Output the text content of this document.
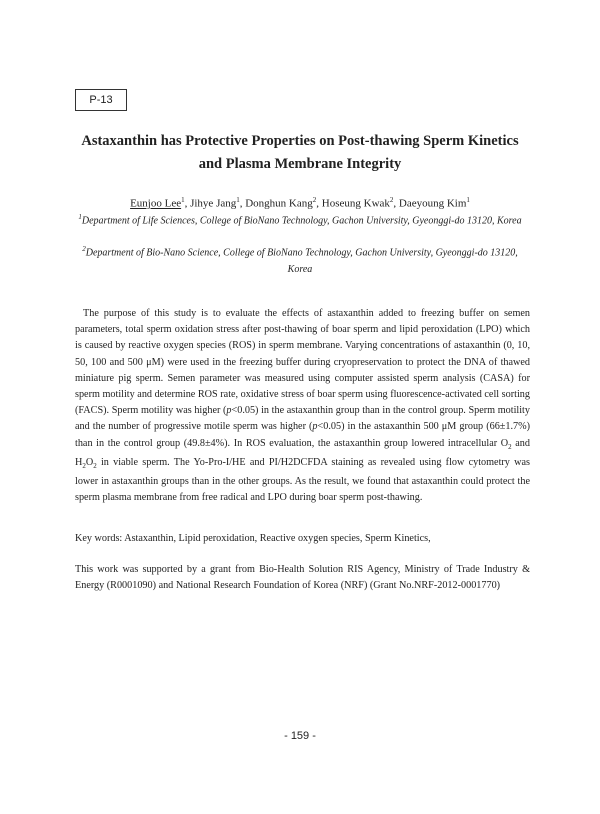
P-13
Astaxanthin has Protective Properties on Post-thawing Sperm Kinetics
and Plasma Membrane Integrity
Eunjoo Lee$^1$, Jihye Jang$^1$, Donghun Kang$^2$, Hoseung Kwak$^2$, Daeyoung Kim$^1$
$^1$Department of Life Sciences, College of BioNano Technology, Gachon University, Gyeonggi-do 13120, Korea
$^2$Department of Bio-Nano Science, College of BioNano Technology, Gachon University, Gyeonggi-do 13120, Korea

The purpose of this study is to evaluate the effects of astaxanthin added to freezing buffer on semen parameters, total sperm oxidation stress after post-thawing of boar sperm and lipid peroxidation (LPO) which is caused by reactive oxygen species (ROS) in sperm membrane. Varying concentrations of astaxanthin (0, 10, 50, 100 and 500 μM) were used in the freezing buffer during cryopreservation to protect the DNA of thawed miniature pig sperm. Semen parameter was measured using computer assisted sperm analysis (CASA) for sperm motility and determine ROS rate, oxidative stress of boar sperm using fluorescence-activated cell sorting (FACS). Sperm motility was higher (p<0.05) in the astaxanthin group than in the control group. Sperm motility and the number of progressive motile sperm was higher (p<0.05) in the astaxanthin 500 μM group (66±1.7%) than in the control group (49.8±4%). In ROS evaluation, the astaxanthin group lowered intracellular $O_2$ and $H_2O_2$ in viable sperm. The Yo-Pro-I/HE and PI/H2DCFDA staining as revealed using flow cytometry was lower in astaxanthin groups than in the other groups. As the result, we found that astaxanthin could protect the sperm plasma membrane from free radical and LPO during boar sperm post-thawing.

Key words: Astaxanthin, Lipid peroxidation, Reactive oxygen species, Sperm Kinetics,

This work was supported by a grant from Bio-Health Solution RIS Agency, Ministry of Trade Industry & Energy (R0001090) and National Research Foundation of Korea (NRF) (Grant No.NRF-2012-0001770)

- 159 -
